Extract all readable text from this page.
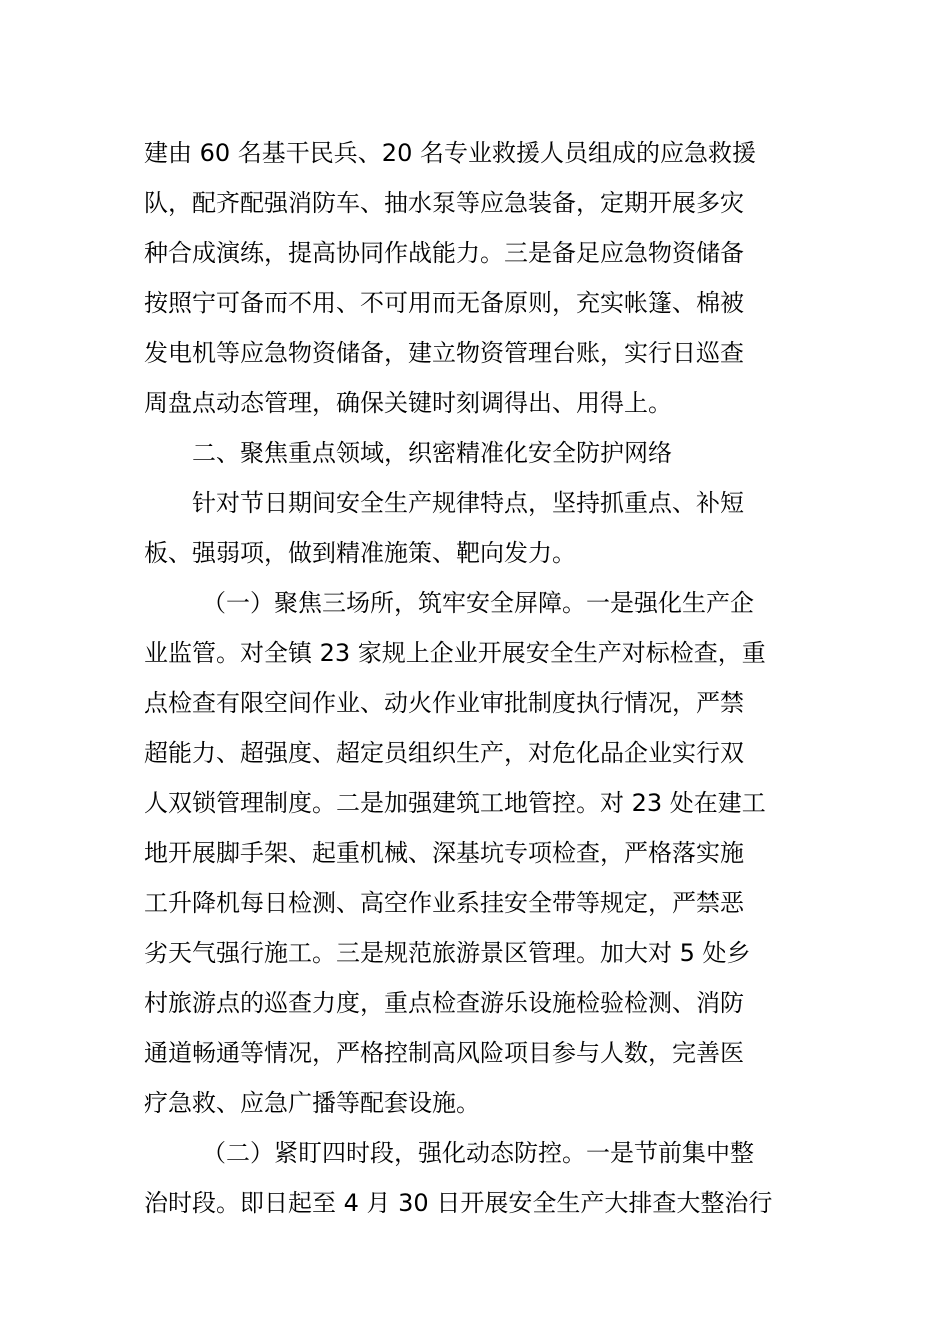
建由 60 名基干民兵、20 名专业救援人员组成的应急救援
队，配齐配强消防车、抽水泵等应急装备，定期开展多灾
种合成演练，提高协同作战能力。三是备足应急物资储备
按照宁可备而不用、不可用而无备原则，充实帐篷、棉被
发电机等应急物资储备，建立物资管理台账，实行日巡查
周盘点动态管理，确保关键时刻调得出、用得上。
二、聚焦重点领域，织密精准化安全防护网络
针对节日期间安全生产规律特点，坚持抓重点、补短
板、强弱项，做到精准施策、靶向发力。
（一）聚焦三场所，筑牢安全屏障。一是强化生产企
业监管。对全镇 23 家规上企业开展安全生产对标检查，重
点检查有限空间作业、动火作业审批制度执行情况，严禁
超能力、超强度、超定员组织生产，对危化品企业实行双
人双锁管理制度。二是加强建筑工地管控。对 23 处在建工
地开展脚手架、起重机械、深基坑专项检查，严格落实施
工升降机每日检测、高空作业系挂安全带等规定，严禁恶
劣天气强行施工。三是规范旅游景区管理。加大对 5 处乡
村旅游点的巡查力度，重点检查游乐设施检验检测、消防
通道畅通等情况，严格控制高风险项目参与人数，完善医
疗急救、应急广播等配套设施。
（二）紧盯四时段，强化动态防控。一是节前集中整
治时段。即日起至 4 月 30 日开展安全生产大排查大整治行
